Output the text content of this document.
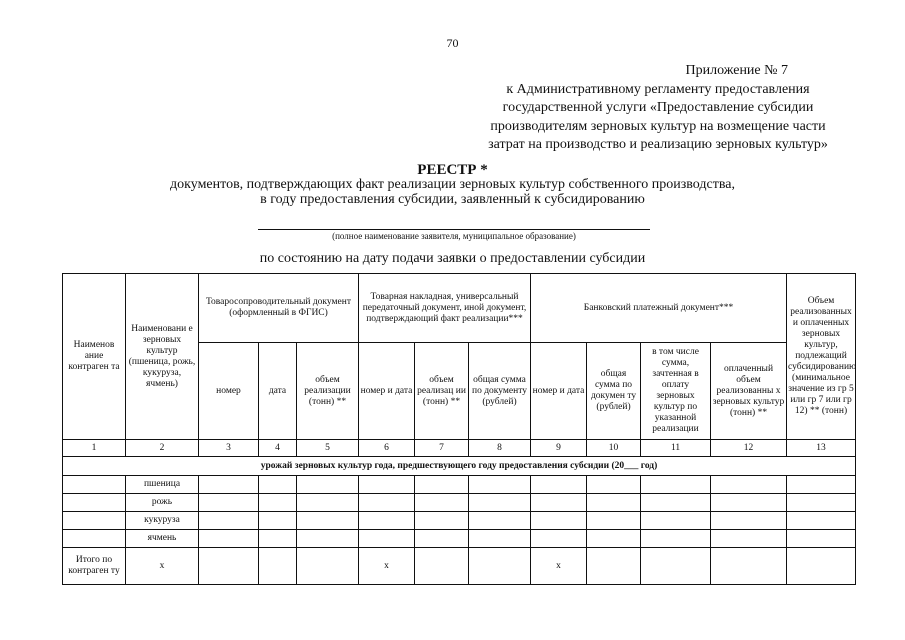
70
Приложение № 7
к Административному регламенту предоставления
государственной услуги «Предоставление субсидии
производителям зерновых культур на возмещение части
затрат на производство и реализацию зерновых культур»
РЕЕСТР *
документов, подтверждающих факт реализации зерновых культур собственного производства,
в году предоставления субсидии, заявленный к субсидированию
(полное наименование заявителя, муниципальное образование)
по состоянию на дату подачи заявки о предоставлении субсидии
Наименов ание контраген та	Наименовани е зерновых культур (пшеница, рожь, кукуруза, ячмень)	Товаросопроводительный документ (оформленный в ФГИС)			Товарная накладная, универсальный передаточный документ, иной документ, подтверждающий факт реализации***			Банковский платежный документ***				Объем реализованных и оплаченных зерновых культур, подлежащий субсидированию (минимальное значение из гр 5 или гр 7 или гр 12) ** (тонн)
		номер	дата	объем реализации (тонн) **	номер и дата	объем реализац ии (тонн) **	общая сумма по документу (рублей)	номер и дата	общая сумма по докумен ту (рублей)	в том числе сумма, зачтенная в оплату зерновых культур по указанной реализации	оплаченный объем реализованны х зерновых культур (тонн) **	
1	2	3	4	5	6	7	8	9	10	11	12	13
урожай зерновых культур года, предшествующего году предоставления субсидии (20___ год)												
	пшеница											
	рожь											
	кукуруза											
	ячмень											
Итого по контраген ту	х				х			х				
